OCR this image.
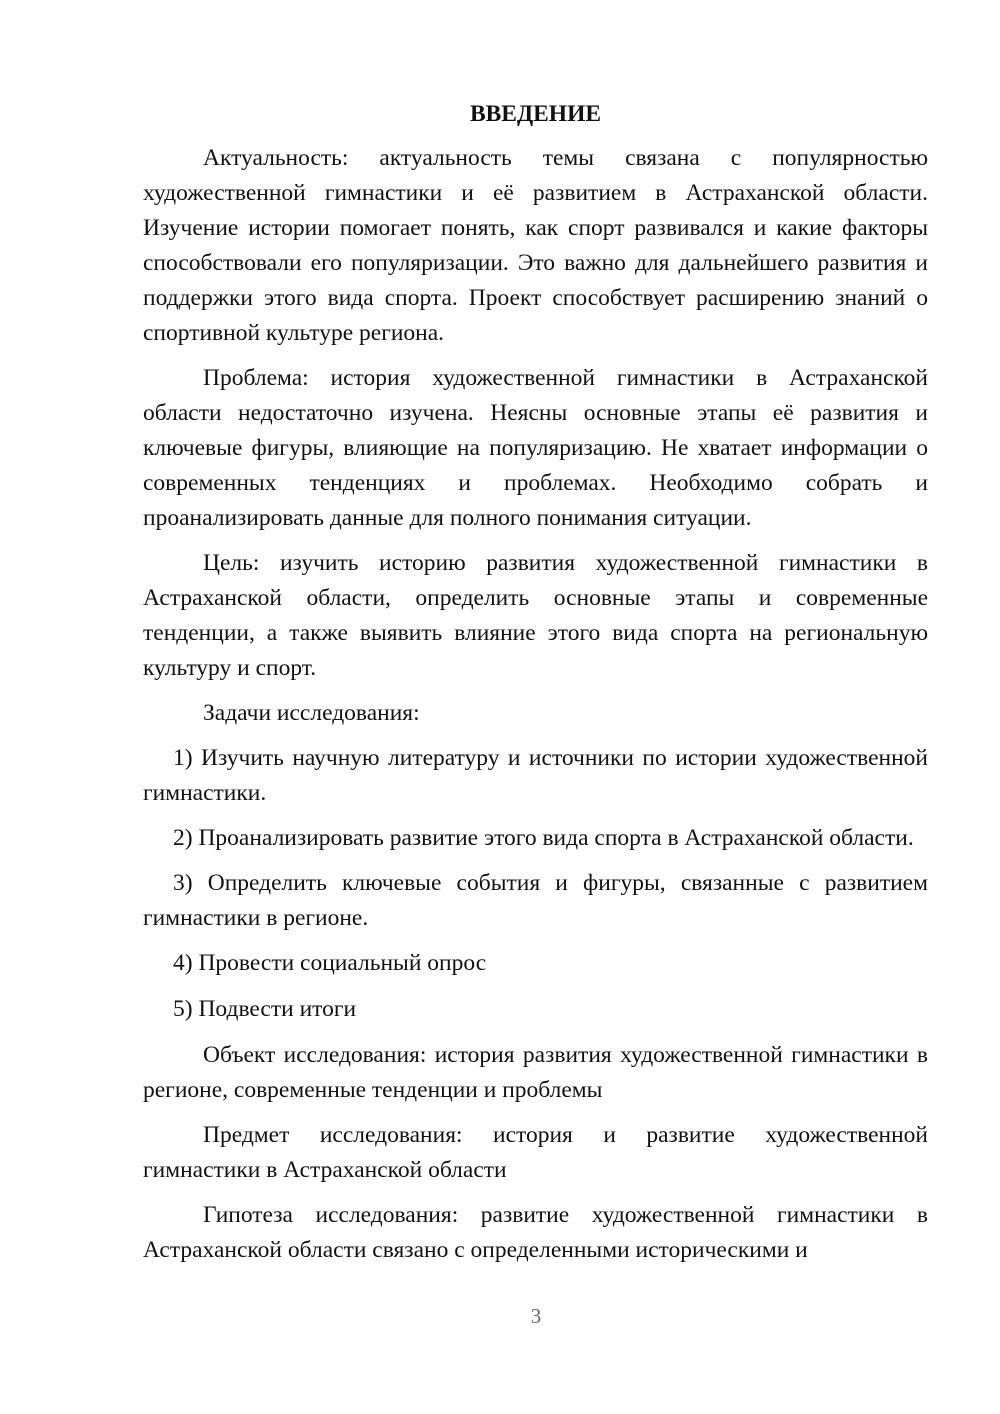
ВВЕДЕНИЕ

Актуальность: актуальность темы связана с популярностью художественной гимнастики и её развитием в Астраханской области. Изучение истории помогает понять, как спорт развивался и какие факторы способствовали его популяризации. Это важно для дальнейшего развития и поддержки этого вида спорта. Проект способствует расширению знаний о спортивной культуре региона.

Проблема: история художественной гимнастики в Астраханской области недостаточно изучена. Неясны основные этапы её развития и ключевые фигуры, влияющие на популяризацию. Не хватает информации о современных тенденциях и проблемах. Необходимо собрать и проанализировать данные для полного понимания ситуации.

Цель: изучить историю развития художественной гимнастики в Астраханской области, определить основные этапы и современные тенденции, а также выявить влияние этого вида спорта на региональную культуру и спорт.

Задачи исследования:

1) Изучить научную литературу и источники по истории художественной гимнастики.

2) Проанализировать развитие этого вида спорта в Астраханской области.

3) Определить ключевые события и фигуры, связанные с развитием гимнастики в регионе.

4) Провести социальный опрос

5) Подвести итоги

Объект исследования: история развития художественной гимнастики в регионе, современные тенденции и проблемы

Предмет исследования: история и развитие художественной гимнастики в Астраханской области

Гипотеза исследования: развитие художественной гимнастики в Астраханской области связано с определенными историческими и

3
